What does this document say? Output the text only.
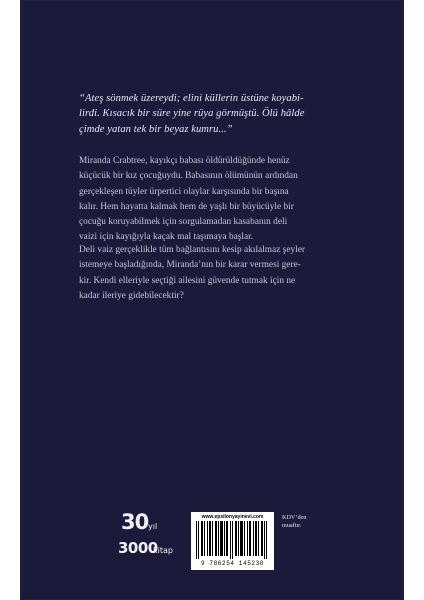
“Ateş sönmek üzereydi; elini küllerin üstüne koyabi-
lirdi. Kısacık bir süre yine rüya görmüştü. Ölü hâlde
çimde yatan tek bir beyaz kumru...”
Miranda Crabtree, kayıkçı babası öldürüldüğünde henüz
küçücük bir kız çocuğuydu. Babasının ölümünün ardından
gerçekleşen tüyler ürpertici olaylar karşısında bir başına
kalır. Hem hayatta kalmak hem de yaşlı bir büyücüyle bir
çocuğu koruyabilmek için sorgulamadan kasabanın deli
vaizi için kayığıyla kaçak mal taşımaya başlar.
Deli vaiz gerçeklikle tüm bağlantısını kesip akılalmaz şeyler
istemeye başladığında, Miranda’nın bir karar vermesi gere-
kir. Kendi elleriyle seçtiği ailesini güvende tutmak için ne
kadar ileriye gidebilecektir?
30 yıl
3000
kitap
www.epsilonyayinevi.com
9 786254 145230
KDV’den
muaftır.
